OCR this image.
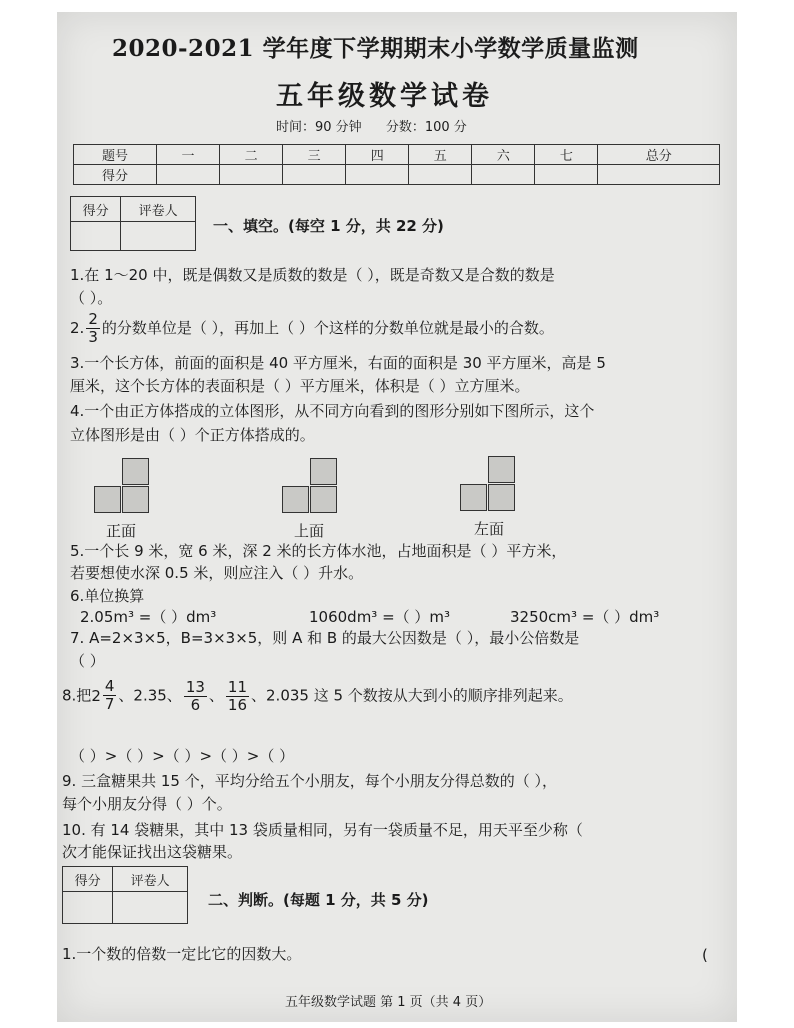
2020-2021 学年度下学期期末小学数学质量监测
五年级数学试卷
时间：90 分钟 分数：100 分
题号	一	二	三	四	五	六	七	总分
得分								
得分	评卷人

一、填空。(每空 1 分，共 22 分)
1.在 1～20 中，既是偶数又是质数的数是（ ），既是奇数又是合数的数是
（ ）。
2. $\frac{2}{3}$ 的分数单位是（ ），再加上（ ）个这样的分数单位就是最小的合数。
3.一个长方体，前面的面积是 40 平方厘米，右面的面积是 30 平方厘米，高是 5
厘米，这个长方体的表面积是（ ）平方厘米，体积是（ ）立方厘米。
4.一个由正方体搭成的立体图形，从不同方向看到的图形分别如下图所示，这个
立体图形是由（ ）个正方体搭成的。
正面	上面	左面
5.一个长 9 米，宽 6 米，深 2 米的长方体水池，占地面积是（ ）平方米，
若要想使水深 0.5 米，则应注入（ ）升水。
6.单位换算
2.05m³ =（ ）dm³	1060dm³ =（ ）m³	3250cm³ =（ ）dm³
7. A=2×3×5，B=3×3×5，则 A 和 B 的最大公因数是（ ），最小公倍数是
（ ）
8.把 $2 \frac{4}{7}$ 、2.35、 $\frac{13}{6}$ 、 $\frac{11}{16}$ 、2.035 这 5 个数按从大到小的顺序排列起来。
（ ）>（ ）>（ ）>（ ）>（ ）
9. 三盒糖果共 15 个，平均分给五个小朋友，每个小朋友分得总数的（ ），
每个小朋友分得（ ）个。
10. 有 14 袋糖果，其中 13 袋质量相同，另有一袋质量不足，用天平至少称（
次才能保证找出这袋糖果。
得分	评卷人

二、判断。(每题 1 分，共 5 分)
1.一个数的倍数一定比它的因数大。	(
五年级数学试题 第 1 页（共 4 页）
